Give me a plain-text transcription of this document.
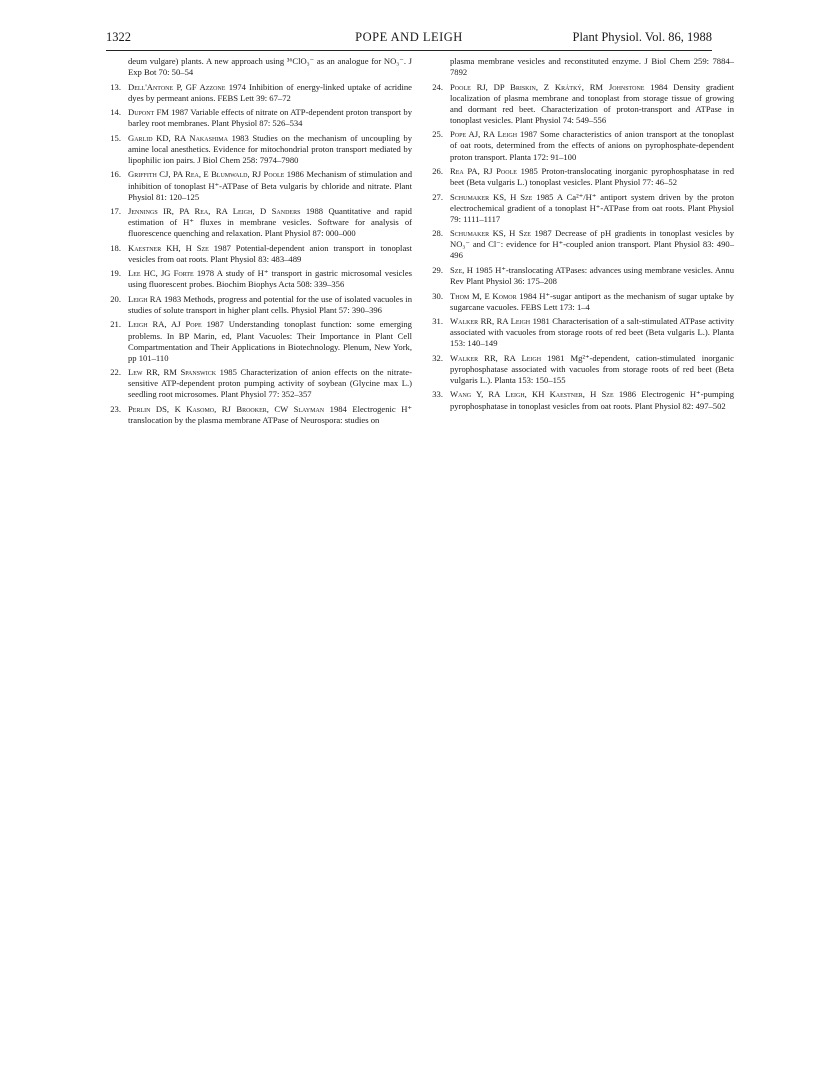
1322	POPE AND LEIGH	Plant Physiol. Vol. 86, 1988
deum vulgare) plants. A new approach using ³⁶ClO₃⁻ as an analogue for NO₃⁻. J Exp Bot 70: 50–54
13. Dell'Antone P, GF Azzone 1974 Inhibition of energy-linked uptake of acridine dyes by permeant anions. FEBS Lett 39: 67–72
14. Dupont FM 1987 Variable effects of nitrate on ATP-dependent proton transport by barley root membranes. Plant Physiol 87: 526–534
15. Garlid KD, RA Nakashima 1983 Studies on the mechanism of uncoupling by amine local anesthetics. Evidence for mitochondrial proton transport mediated by lipophilic ion pairs. J Biol Chem 258: 7974–7980
16. Griffith CJ, PA Rea, E Blumwald, RJ Poole 1986 Mechanism of stimulation and inhibition of tonoplast H⁺-ATPase of Beta vulgaris by chloride and nitrate. Plant Physiol 81: 120–125
17. Jennings IR, PA Rea, RA Leigh, D Sanders 1988 Quantitative and rapid estimation of H⁺ fluxes in membrane vesicles. Software for analysis of fluorescence quenching and relaxation. Plant Physiol 87: 000–000
18. Kaestner KH, H Sze 1987 Potential-dependent anion transport in tonoplast vesicles from oat roots. Plant Physiol 83: 483–489
19. Lee HC, JG Forte 1978 A study of H⁺ transport in gastric microsomal vesicles using fluorescent probes. Biochim Biophys Acta 508: 339–356
20. Leigh RA 1983 Methods, progress and potential for the use of isolated vacuoles in studies of solute transport in higher plant cells. Physiol Plant 57: 390–396
21. Leigh RA, AJ Pope 1987 Understanding tonoplast function: some emerging problems. In BP Marin, ed, Plant Vacuoles: Their Importance in Plant Cell Compartmentation and Their Applications in Biotechnology. Plenum, New York, pp 101–110
22. Lew RR, RM Spanswick 1985 Characterization of anion effects on the nitrate-sensitive ATP-dependent proton pumping activity of soybean (Glycine max L.) seedling root microsomes. Plant Physiol 77: 352–357
23. Perlin DS, K Kasomo, RJ Brooker, CW Slayman 1984 Electrogenic H⁺ translocation by the plasma membrane ATPase of Neurospora: studies on
plasma membrane vesicles and reconstituted enzyme. J Biol Chem 259: 7884–7892
24. Poole RJ, DP Briskin, Z Krátký, RM Johnstone 1984 Density gradient localization of plasma membrane and tonoplast from storage tissue of growing and dormant red beet. Characterization of proton-transport and ATPase in tonoplast vesicles. Plant Physiol 74: 549–556
25. Pope AJ, RA Leigh 1987 Some characteristics of anion transport at the tonoplast of oat roots, determined from the effects of anions on pyrophosphate-dependent proton transport. Planta 172: 91–100
26. Rea PA, RJ Poole 1985 Proton-translocating inorganic pyrophosphatase in red beet (Beta vulgaris L.) tonoplast vesicles. Plant Physiol 77: 46–52
27. Schumaker KS, H Sze 1985 A Ca²⁺/H⁺ antiport system driven by the proton electrochemical gradient of a tonoplast H⁺-ATPase from oat roots. Plant Physiol 79: 1111–1117
28. Schumaker KS, H Sze 1987 Decrease of pH gradients in tonoplast vesicles by NO₃⁻ and Cl⁻: evidence for H⁺-coupled anion transport. Plant Physiol 83: 490–496
29. Sze, H 1985 H⁺-translocating ATPases: advances using membrane vesicles. Annu Rev Plant Physiol 36: 175–208
30. Thom M, E Komor 1984 H⁺-sugar antiport as the mechanism of sugar uptake by sugarcane vacuoles. FEBS Lett 173: 1–4
31. Walker RR, RA Leigh 1981 Characterisation of a salt-stimulated ATPase activity associated with vacuoles from storage roots of red beet (Beta vulgaris L.). Planta 153: 140–149
32. Walker RR, RA Leigh 1981 Mg²⁺-dependent, cation-stimulated inorganic pyrophosphatase associated with vacuoles from storage roots of red beet (Beta vulgaris L.). Planta 153: 150–155
33. Wang Y, RA Leigh, KH Kaestner, H Sze 1986 Electrogenic H⁺-pumping pyrophosphatase in tonoplast vesicles from oat roots. Plant Physiol 82: 497–502
